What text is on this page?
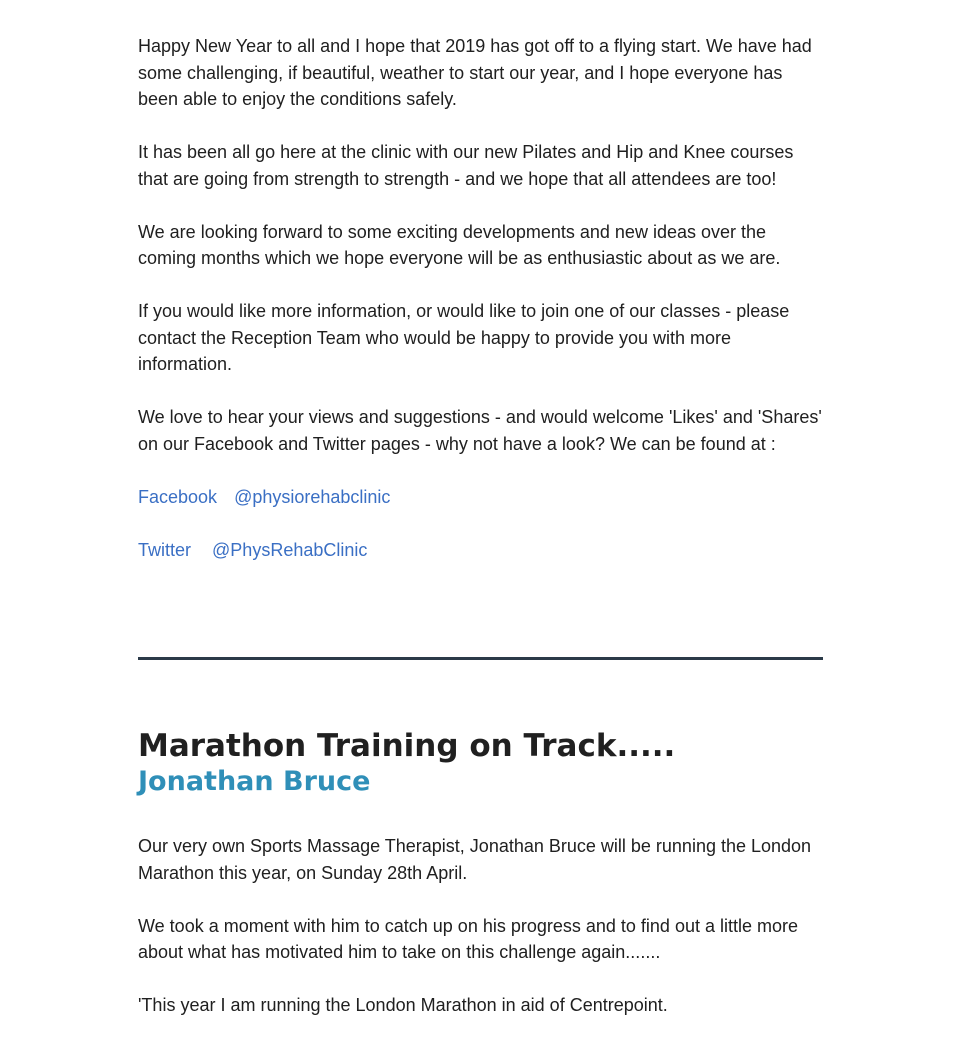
Happy New Year to all and I hope that 2019 has got off to a flying start. We have had some challenging, if beautiful, weather to start our year, and I hope everyone has been able to enjoy the conditions safely.

It has been all go here at the clinic with our new Pilates and Hip and Knee courses that are going from strength to strength - and we hope that all attendees are too!

We are looking forward to some exciting developments and new ideas over the coming months which we hope everyone will be as enthusiastic about as we are.

If you would like more information, or would like to join one of our classes - please contact the Reception Team who would be happy to provide you with more information.

We love to hear your views and suggestions - and would welcome 'Likes' and 'Shares' on our Facebook and Twitter pages - why not have a look? We can be found at :

Facebook @physiorehabclinic
Twitter @PhysRehabClinic
Marathon Training on Track.....
Jonathan Bruce

Our very own Sports Massage Therapist, Jonathan Bruce will be running the London Marathon this year, on Sunday 28th April.

We took a moment with him to catch up on his progress and to find out a little more about what has motivated him to take on this challenge again.......

'This year I am running the London Marathon in aid of Centrepoint.
